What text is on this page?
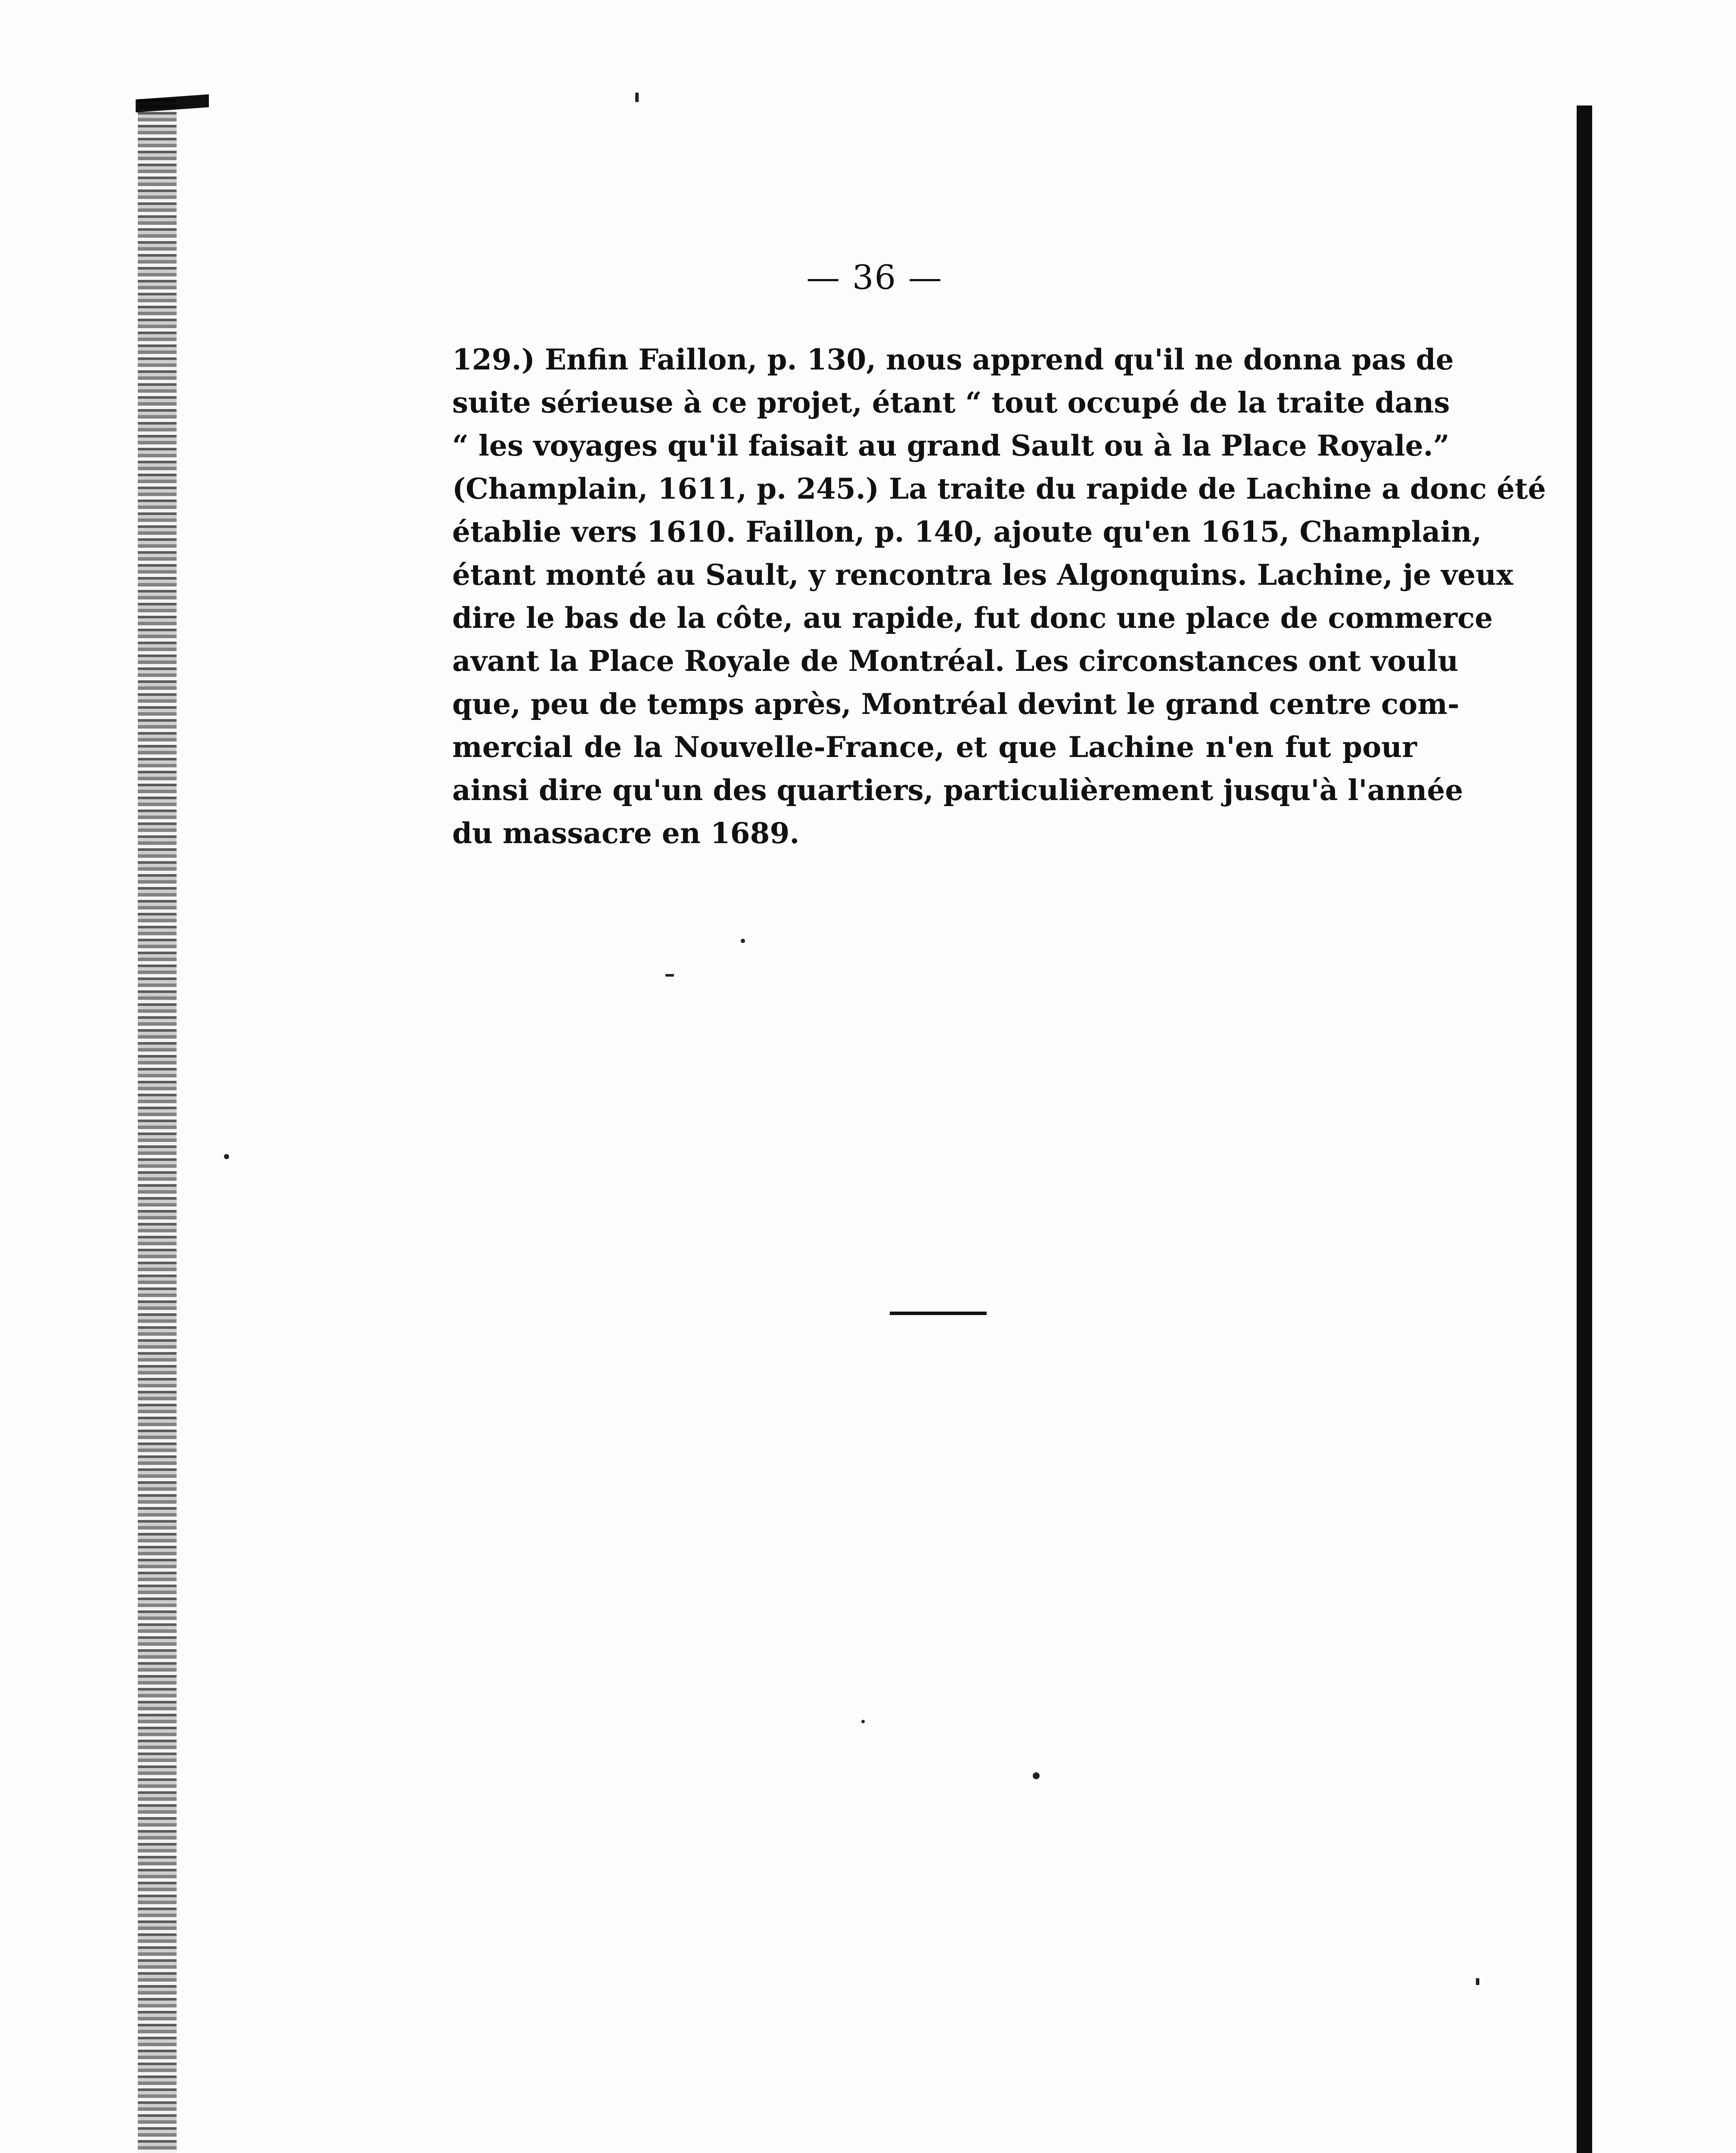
— 36 —
129.) Enfin Faillon, p. 130, nous apprend qu'il ne donna pas de
suite sérieuse à ce projet, étant “ tout occupé de la traite dans
“ les voyages qu'il faisait au grand Sault ou à la Place Royale.”
(Champlain, 1611, p. 245.) La traite du rapide de Lachine a donc été
établie vers 1610. Faillon, p. 140, ajoute qu'en 1615, Champlain,
étant monté au Sault, y rencontra les Algonquins. Lachine, je veux
dire le bas de la côte, au rapide, fut donc une place de commerce
avant la Place Royale de Montréal. Les circonstances ont voulu
que, peu de temps après, Montréal devint le grand centre com-
mercial de la Nouvelle-France, et que Lachine n'en fut pour
ainsi dire qu'un des quartiers, particulièrement jusqu'à l'année
du massacre en 1689.
